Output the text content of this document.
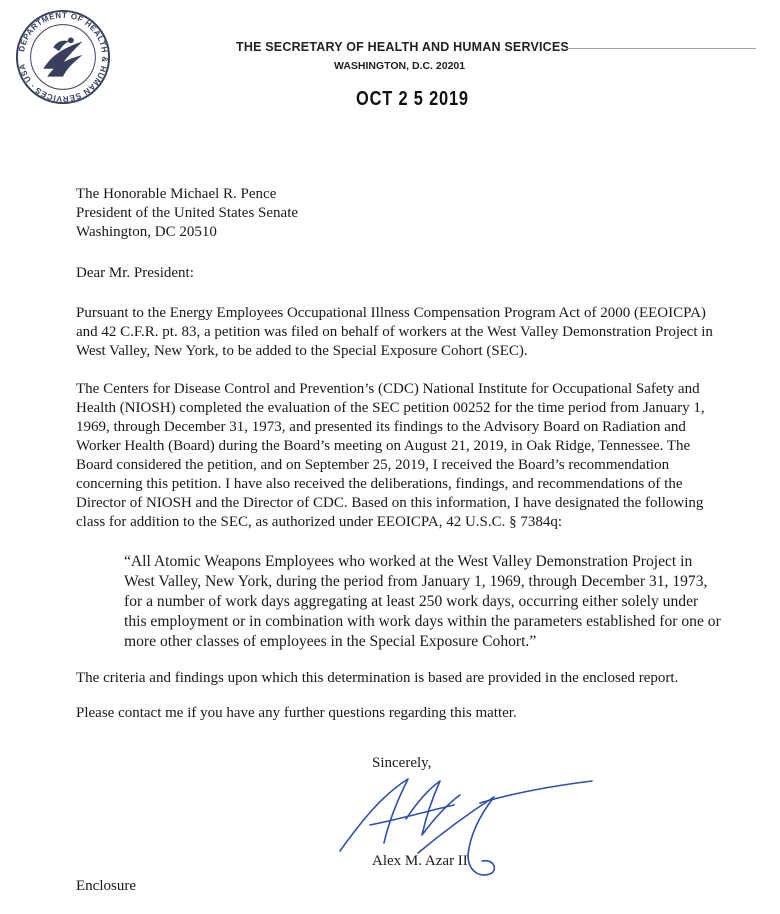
DEPARTMENT OF HEALTH & HUMAN SERVICES · USA
THE SECRETARY OF HEALTH AND HUMAN SERVICES
WASHINGTON, D.C. 20201
OCT 2 5 2019

The Honorable Michael R. Pence

President of the United States Senate

Washington, DC 20510

Dear Mr. President:

Pursuant to the Energy Employees Occupational Illness Compensation Program Act of 2000 (EEOICPA) and 42 C.F.R. pt. 83, a petition was filed on behalf of workers at the West Valley Demonstration Project in West Valley, New York, to be added to the Special Exposure Cohort (SEC).

The Centers for Disease Control and Prevention’s (CDC) National Institute for Occupational Safety and Health (NIOSH) completed the evaluation of the SEC petition 00252 for the time period from January 1, 1969, through December 31, 1973, and presented its findings to the Advisory Board on Radiation and Worker Health (Board) during the Board’s meeting on August 21, 2019, in Oak Ridge, Tennessee. The Board considered the petition, and on September 25, 2019, I received the Board’s recommendation concerning this petition. I have also received the deliberations, findings, and recommendations of the Director of NIOSH and the Director of CDC. Based on this information, I have designated the following class for addition to the SEC, as authorized under EEOICPA, 42 U.S.C. § 7384q:

“All Atomic Weapons Employees who worked at the West Valley Demonstration Project in West Valley, New York, during the period from January 1, 1969, through December 31, 1973, for a number of work days aggregating at least 250 work days, occurring either solely under this employment or in combination with work days within the parameters established for one or more other classes of employees in the Special Exposure Cohort.”

The criteria and findings upon which this determination is based are provided in the enclosed report.

Please contact me if you have any further questions regarding this matter.

Sincerely,
Alex M. Azar II
Enclosure
